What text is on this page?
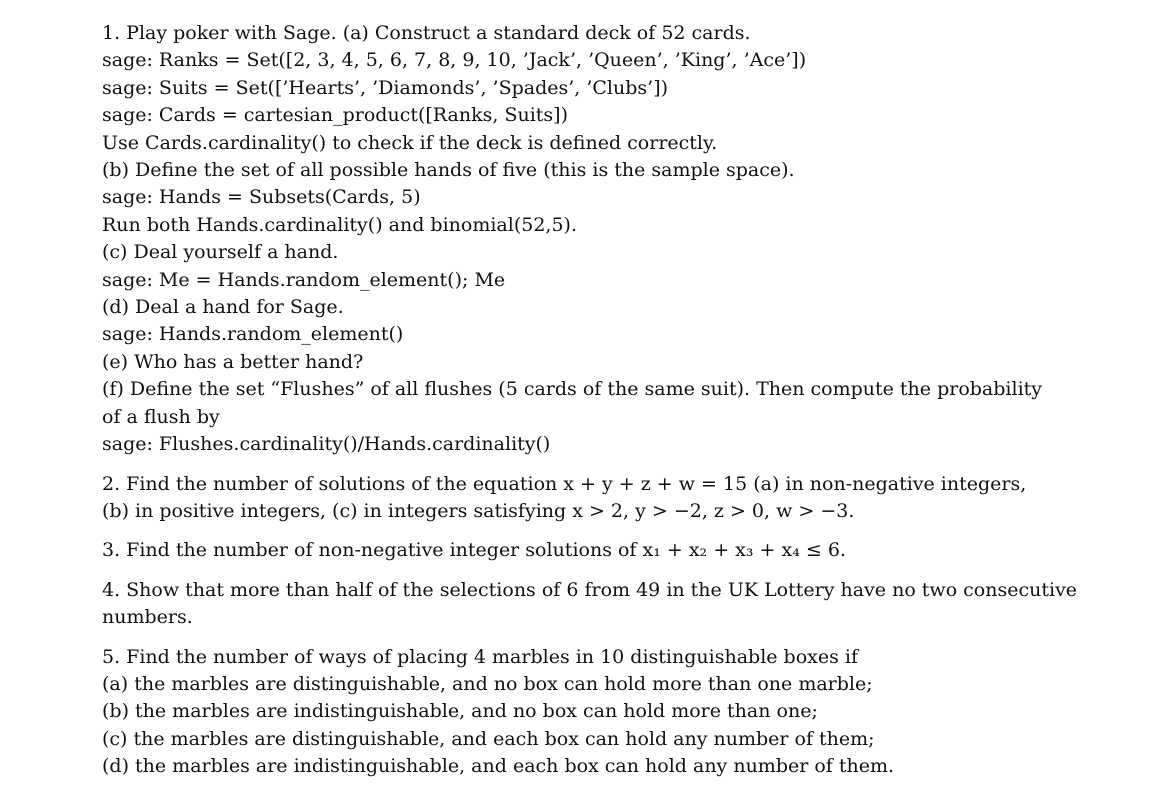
1. Play poker with Sage. (a) Construct a standard deck of 52 cards.
sage: Ranks = Set([2, 3, 4, 5, 6, 7, 8, 9, 10, ’Jack’, ’Queen’, ’King’, ’Ace’])
sage: Suits = Set([’Hearts’, ’Diamonds’, ’Spades’, ’Clubs’])
sage: Cards = cartesian_product([Ranks, Suits])
Use Cards.cardinality() to check if the deck is defined correctly.
(b) Define the set of all possible hands of five (this is the sample space).
sage: Hands = Subsets(Cards, 5)
Run both Hands.cardinality() and binomial(52,5).
(c) Deal yourself a hand.
sage: Me = Hands.random_element(); Me
(d) Deal a hand for Sage.
sage: Hands.random_element()
(e) Who has a better hand?
(f) Define the set “Flushes” of all flushes (5 cards of the same suit). Then compute the probability
of a flush by
sage: Flushes.cardinality()/Hands.cardinality()
2. Find the number of solutions of the equation x + y + z + w = 15 (a) in non-negative integers,
(b) in positive integers, (c) in integers satisfying x > 2, y > −2, z > 0, w > −3.
3. Find the number of non-negative integer solutions of x₁ + x₂ + x₃ + x₄ ≤ 6.
4. Show that more than half of the selections of 6 from 49 in the UK Lottery have no two consecutive
numbers.
5. Find the number of ways of placing 4 marbles in 10 distinguishable boxes if
(a) the marbles are distinguishable, and no box can hold more than one marble;
(b) the marbles are indistinguishable, and no box can hold more than one;
(c) the marbles are distinguishable, and each box can hold any number of them;
(d) the marbles are indistinguishable, and each box can hold any number of them.
